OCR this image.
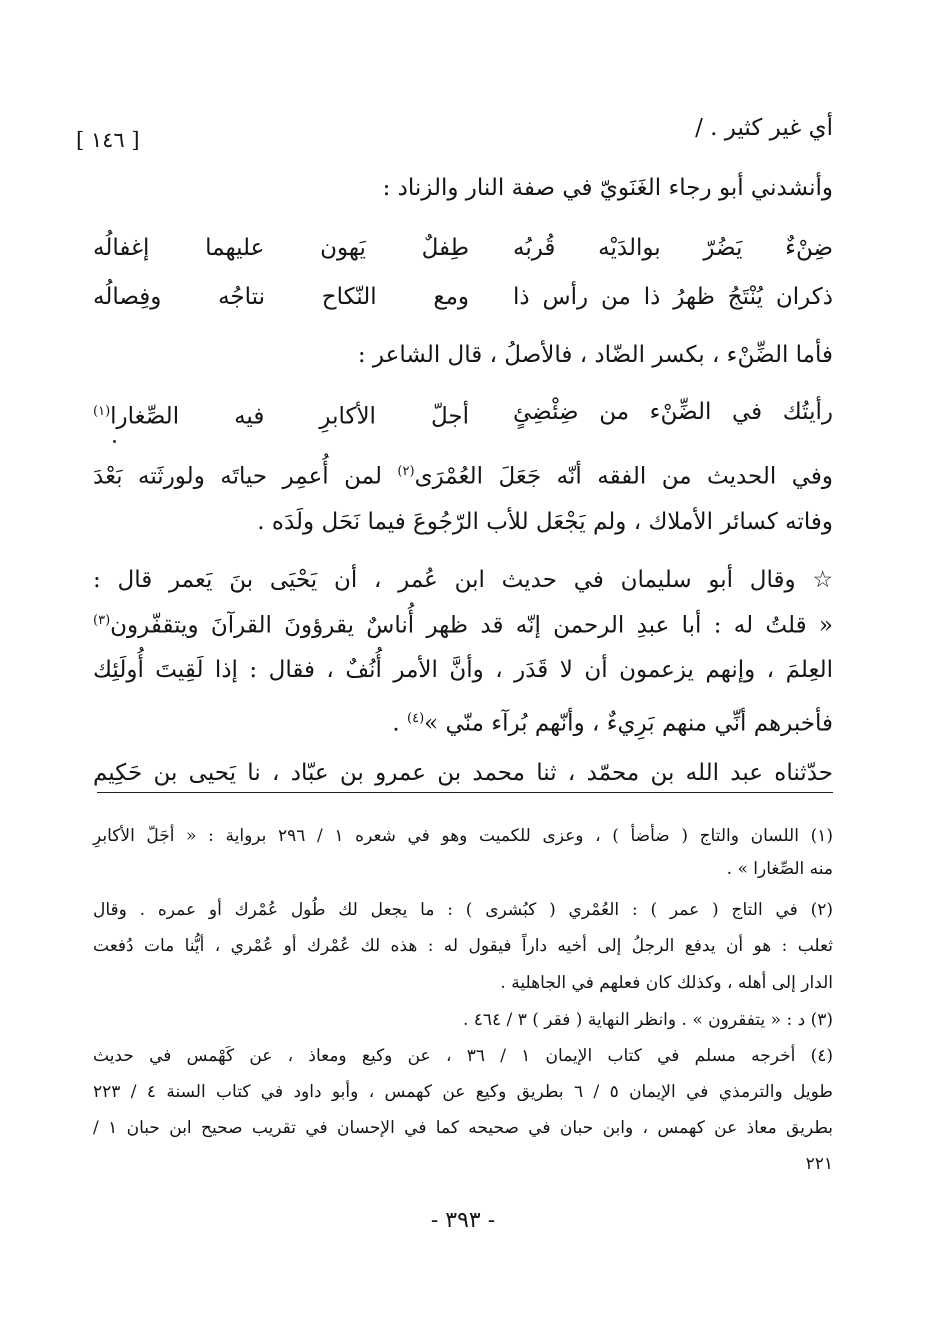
[ ١٤٦ ]	أي غير كثير . /
وأنشدني أبو رجاء الغَنَويّ في صفة النار والزناد :
ضِنْءٌ يَضُرّ بوالدَيْه قُربُه
طِفلٌ يَهون عليهما إغفالُه
ذكران يُنْتَجُ ظهرُ ذا من رأس ذا
ومع النّكاح نتاجُه وفِصالُه
فأما الضِّنْء ، بكسر الضّاد ، فالأصلُ ، قال الشاعر :
رأيتُك في الضِّنْء من ضِئْضِئٍ
أجلّ الأكابرِ فيه الصِّغارا$^{(١)}$
وفي الحديث من الفقه أنّه جَعَلَ العُمْرَى$^{(٢)}$ لمن أُعمِر حياتَه ولورثَته بَعْدَ
وفاته كسائر الأملاك ، ولم يَجْعَل للأب الرّجُوعَ فيما نَحَل ولَدَه .
☆ وقال أبو سليمان في حديث ابن عُمر ، أن يَحْيَى بنَ يَعمر قال :
« قلتُ له : أبا عبدِ الرحمن إنّه قد ظهر أُناسٌ يقرؤونَ القرآنَ ويتقفّرون$^{(٣)}$
العِلمَ ، وإنهم يزعمون أن لا قَدَر ، وأنَّ الأمر أُنُفٌ ، فقال : إذا لَقِيتَ أُولَئِك
فأخبرهم أنِّي منهم بَرِيءٌ ، وأنّهم بُرآء منّي »$^{(٤)}$ .
حدّثناه عبد الله بن محمّد ، ثنا محمد بن عمرو بن عبّاد ، نا يَحيى بن حَكِيم
(١) اللسان والتاج ( ضأضأ ) ، وعزى للكميت وهو في شعره ١ / ٢٩٦ برواية : « أجَلّ الأكابرِ
منه الصِّغارا » .
(٢) في التاج ( عمر ) : العُمْري ( كبُشرى ) : ما يجعل لك طُول عُمْرك أو عمره . وقال
ثعلب : هو أن يدفع الرجلُ إلى أخيه داراً فيقول له : هذه لك عُمْرك أو عُمْري ، أيُّنا مات دُفعت
الدار إلى أهله ، وكذلك كان فعلهم في الجاهلية .
(٣) د : « يتفقرون » . وانظر النهاية ( فقر ) ٣ / ٤٦٤ .
(٤) أخرجه مسلم في كتاب الإيمان ١ / ٣٦ ، عن وكيع ومعاذ ، عن كَهْمس في حديث
طويل والترمذي في الإيمان ٥ / ٦ بطريق وكيع عن كهمس ، وأبو داود في كتاب السنة ٤ / ٢٢٣
بطريق معاذ عن كهمس ، وابن حبان في صحيحه كما في الإحسان في تقريب صحيح ابن حبان ١ /
٢٢١
- ٣٩٣ -
